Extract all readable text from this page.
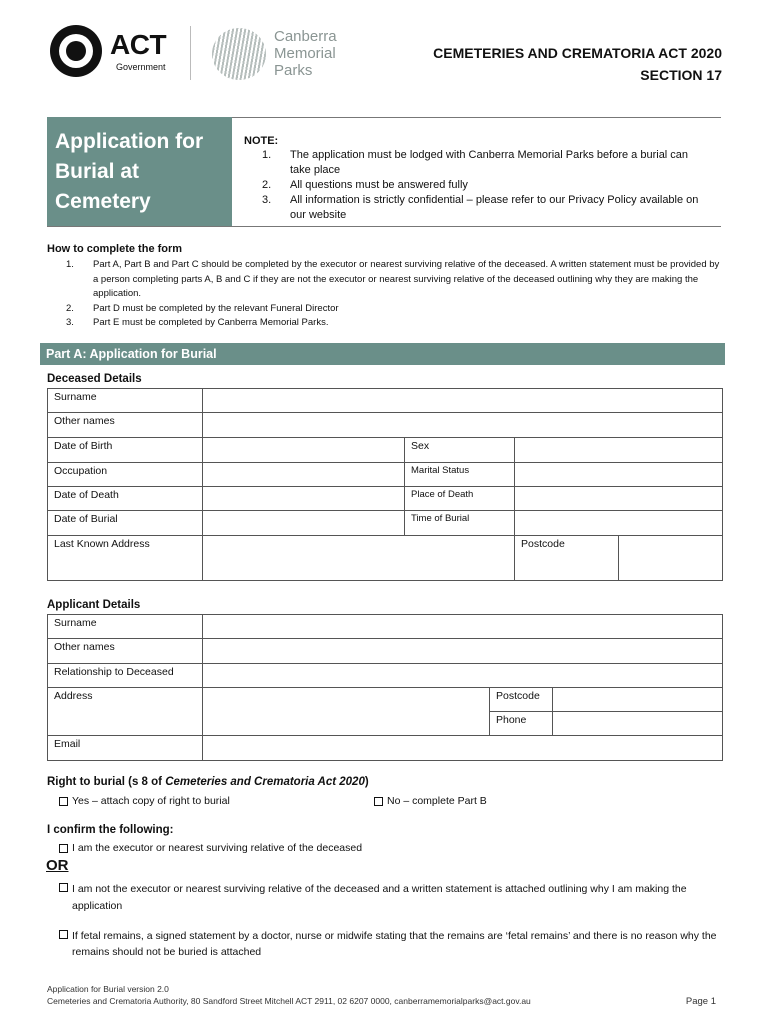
ACT
Government
Canberra
Memorial
Parks
CEMETERIES AND CREMATORIA ACT 2020
SECTION 17
Application for
Burial at
Cemetery
NOTE:
1.	The application must be lodged with Canberra Memorial Parks before a burial can take place
2.	All questions must be answered fully
3.	All information is strictly confidential – please refer to our Privacy Policy available on our website
How to complete the form
1.	Part A, Part B and Part C should be completed by the executor or nearest surviving relative of the deceased. A written statement must be provided by a person completing parts A, B and C if they are not the executor or nearest surviving relative of the deceased outlining why they are making the application.
2.	Part D must be completed by the relevant Funeral Director
3.	Part E must be completed by Canberra Memorial Parks.
Part A: Application for Burial
Deceased Details
Surname
Other names
Date of Birth	Sex
Occupation	Marital Status
Date of Death	Place of Death
Date of Burial	Time of Burial
Last Known Address	Postcode
Applicant Details
Surname
Other names
Relationship to Deceased
Address	Postcode
Phone
Email
Right to burial (s 8 of Cemeteries and Crematoria Act 2020)
Yes – attach copy of right to burial	No – complete Part B
I confirm the following:
I am the executor or nearest surviving relative of the deceased
OR
I am not the executor or nearest surviving relative of the deceased and a written statement is attached outlining why I am making the application
If fetal remains, a signed statement by a doctor, nurse or midwife stating that the remains are ‘fetal remains’ and there is no reason why the remains should not be buried is attached
Application for Burial version 2.0
Cemeteries and Crematoria Authority, 80 Sandford Street Mitchell ACT 2911, 02 6207 0000, canberramemorialparks@act.gov.au	Page 1
